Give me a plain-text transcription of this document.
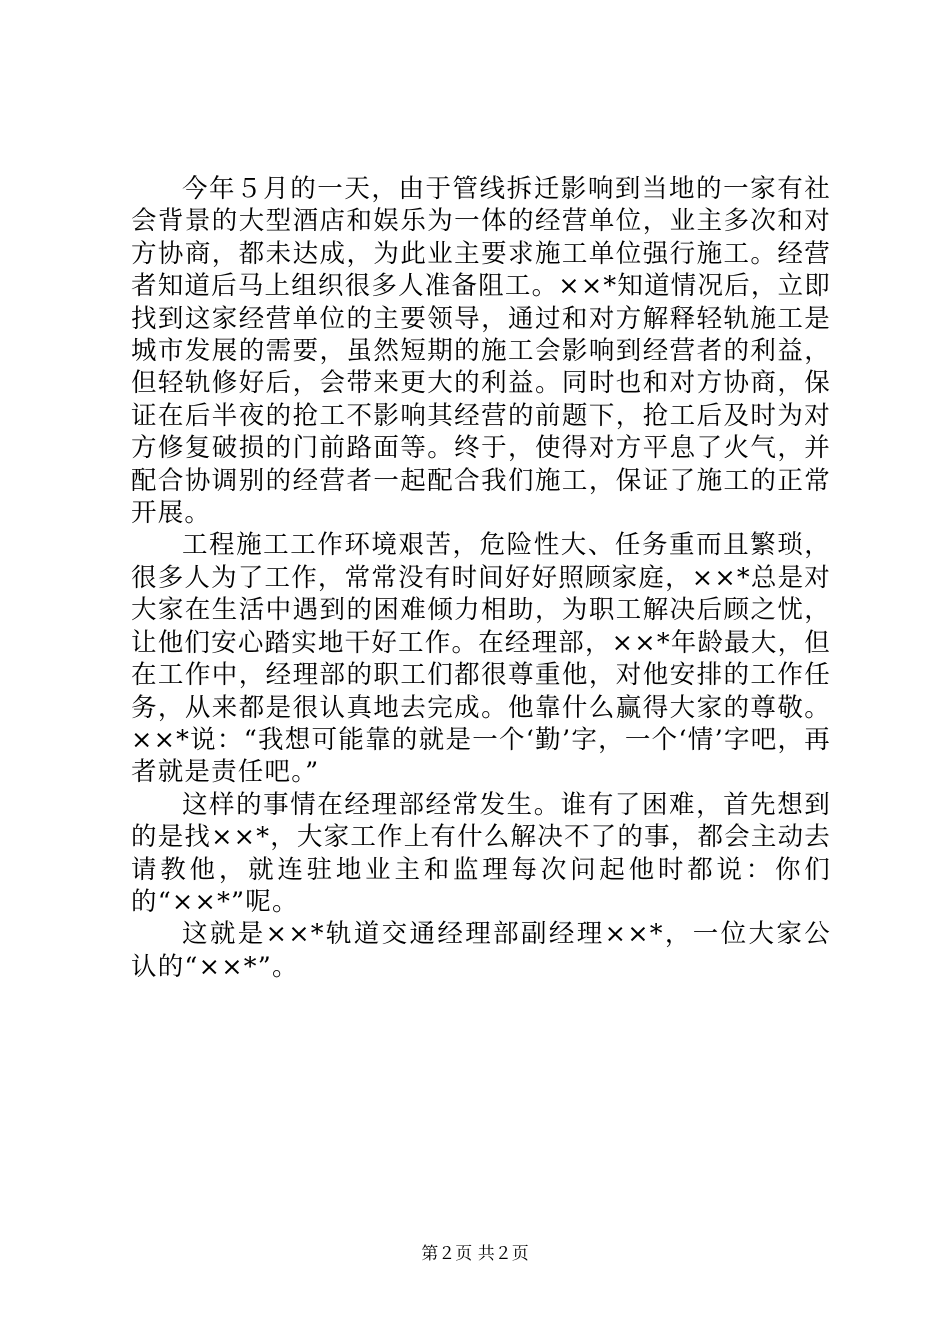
今年５月的一天，由于管线拆迁影响到当地的一家有社会背景的大型酒店和娱乐为一体的经营单位，业主多次和对方协商，都未达成，为此业主要求施工单位强行施工。经营者知道后马上组织很多人准备阻工。××*知道情况后，立即找到这家经营单位的主要领导，通过和对方解释轻轨施工是城市发展的需要，虽然短期的施工会影响到经营者的利益，但轻轨修好后，会带来更大的利益。同时也和对方协商，保证在后半夜的抢工不影响其经营的前题下，抢工后及时为对方修复破损的门前路面等。终于，使得对方平息了火气，并配合协调别的经营者一起配合我们施工，保证了施工的正常开展。

工程施工工作环境艰苦，危险性大、任务重而且繁琐，很多人为了工作，常常没有时间好好照顾家庭，××*总是对大家在生活中遇到的困难倾力相助，为职工解决后顾之忧，让他们安心踏实地干好工作。在经理部，××*年龄最大，但在工作中，经理部的职工们都很尊重他，对他安排的工作任务，从来都是很认真地去完成。他靠什么赢得大家的尊敬。××*说：“我想可能靠的就是一个‘勤’字，一个‘情’字吧，再者就是责任吧。”

这样的事情在经理部经常发生。谁有了困难，首先想到的是找××*，大家工作上有什么解决不了的事，都会主动去请教他，就连驻地业主和监理每次问起他时都说：你们的“××*”呢。

这就是××*轨道交通经理部副经理××*，一位大家公认的“××*”。

第２页 共２页
